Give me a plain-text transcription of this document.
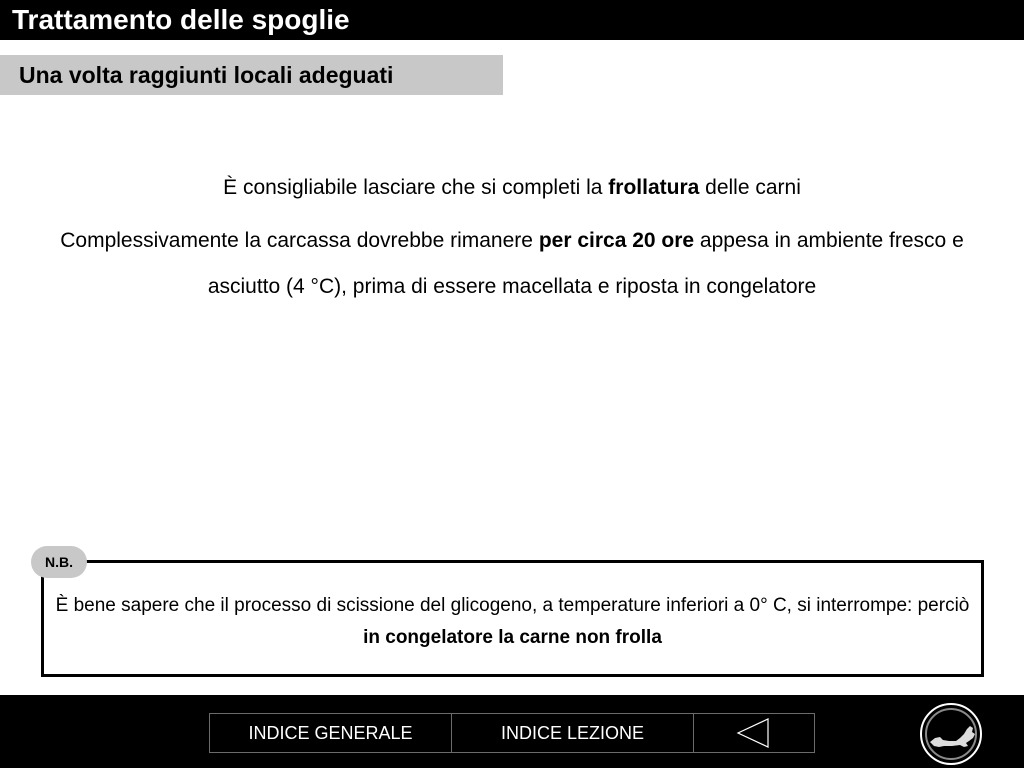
Trattamento delle spoglie
Una volta raggiunti locali adeguati

È consigliabile lasciare che si completi la frollatura delle carni

Complessivamente la carcassa dovrebbe rimanere per circa 20 ore appesa in ambiente fresco e asciutto (4 °C), prima di essere macellata e riposta in congelatore

È bene sapere che il processo di scissione del glicogeno, a temperature inferiori a 0° C, si interrompe: perciò in congelatore la carne non frolla
N.B.
INDICE GENERALE	INDICE LEZIONE
